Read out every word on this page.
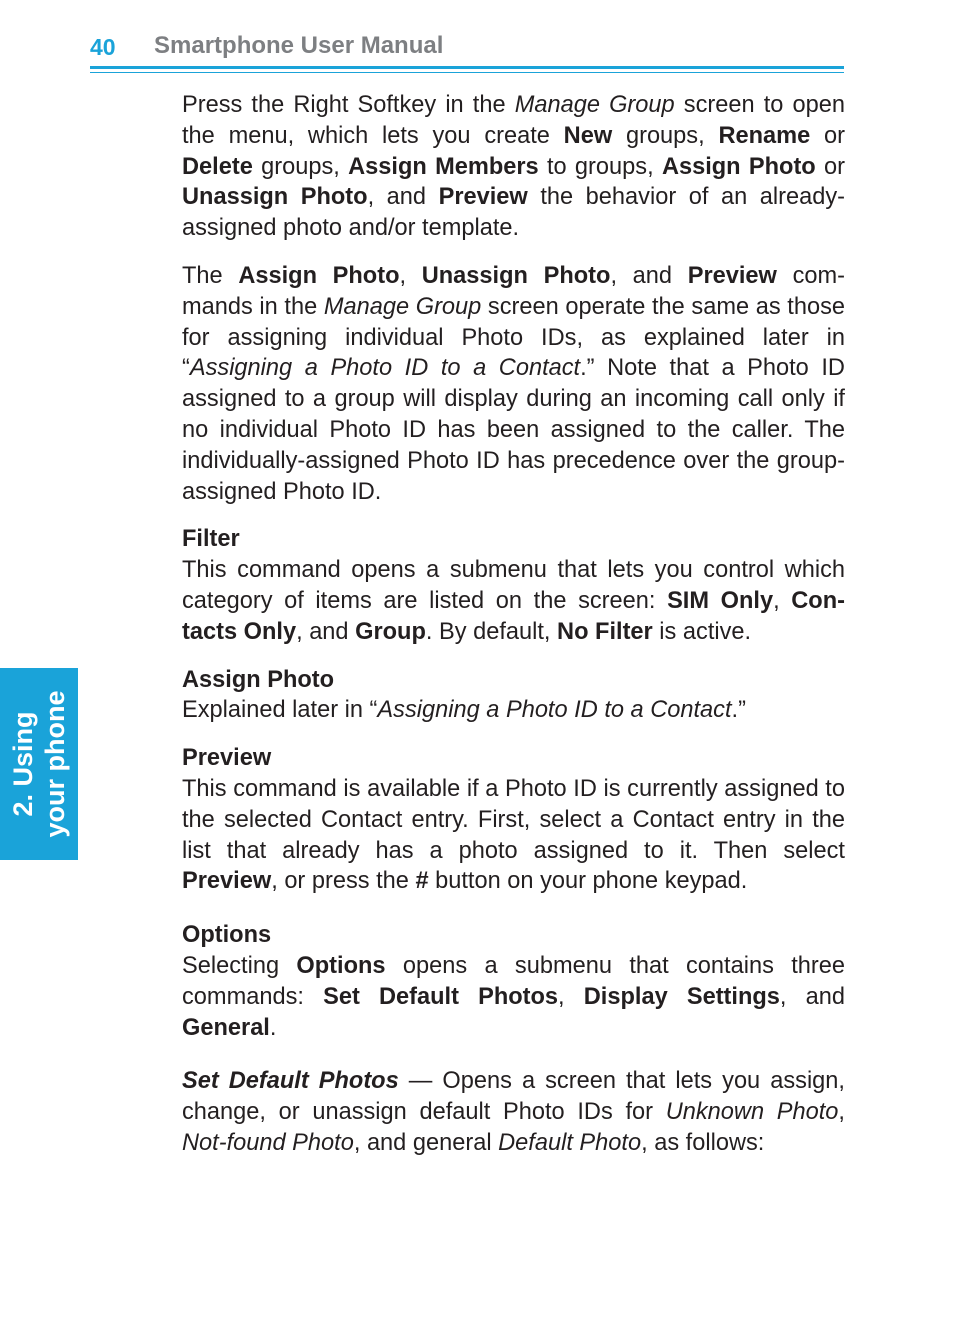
40 Smartphone User Manual
2. Using your phone

Press the Right Softkey in the Manage Group screen to open the menu, which lets you create New groups, Rename or Delete groups, Assign Members to groups, Assign Photo or Unassign Photo, and Preview the behavior of an already-assigned photo and/or template.

The Assign Photo, Unassign Photo, and Preview com-mands in the Manage Group screen operate the same as those for assigning individual Photo IDs, as explained later in “Assigning a Photo ID to a Contact.” Note that a Photo ID assigned to a group will display during an incoming call only if no individual Photo ID has been assigned to the caller. The individually-assigned Photo ID has precedence over the group-assigned Photo ID.

Filter

This command opens a submenu that lets you control which category of items are listed on the screen: SIM Only, Con-tacts Only, and Group. By default, No Filter is active.

Assign Photo

Explained later in “Assigning a Photo ID to a Contact.”

Preview

This command is available if a Photo ID is currently assigned to the selected Contact entry. First, select a Contact entry in the list that already has a photo assigned to it. Then select Preview, or press the # button on your phone keypad.

Options

Selecting Options opens a submenu that contains three commands: Set Default Photos, Display Settings, and General.

Set Default Photos — Opens a screen that lets you assign, change, or unassign default Photo IDs for Unknown Photo, Not-found Photo, and general Default Photo, as follows:
